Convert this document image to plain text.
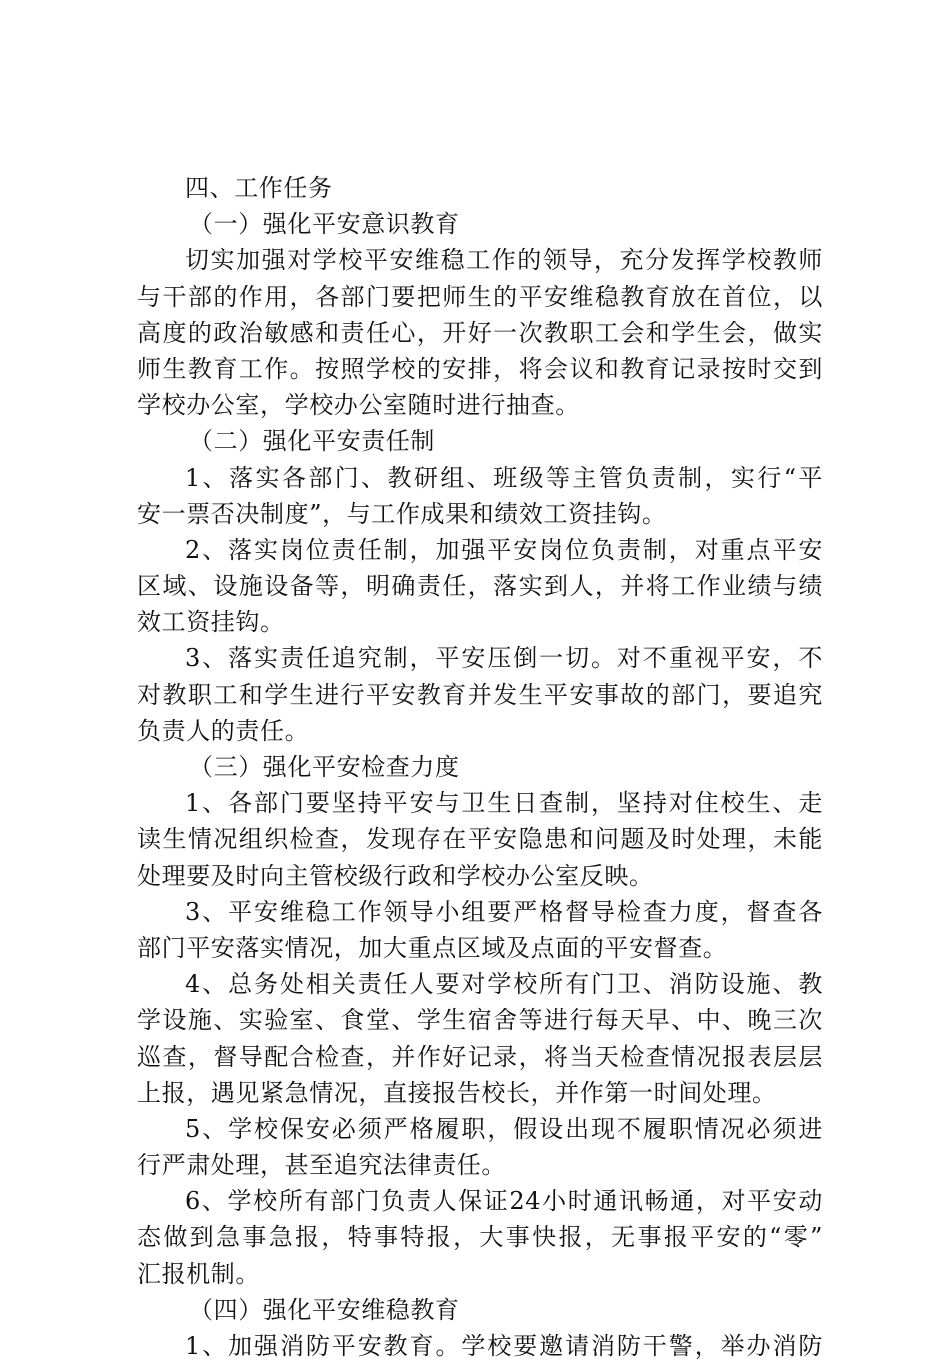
四、工作任务
（一）强化平安意识教育
切实加强对学校平安维稳工作的领导，充分发挥学校教师
与干部的作用，各部门要把师生的平安维稳教育放在首位，以
高度的政治敏感和责任心，开好一次教职工会和学生会，做实
师生教育工作。按照学校的安排，将会议和教育记录按时交到
学校办公室，学校办公室随时进行抽查。
（二）强化平安责任制
1、落实各部门、教研组、班级等主管负责制，实行“平
安一票否决制度”，与工作成果和绩效工资挂钩。
2、落实岗位责任制，加强平安岗位负责制，对重点平安
区域、设施设备等，明确责任，落实到人，并将工作业绩与绩
效工资挂钩。
3、落实责任追究制，平安压倒一切。对不重视平安，不
对教职工和学生进行平安教育并发生平安事故的部门，要追究
负责人的责任。
（三）强化平安检查力度
1、各部门要坚持平安与卫生日查制，坚持对住校生、走
读生情况组织检查，发现存在平安隐患和问题及时处理，未能
处理要及时向主管校级行政和学校办公室反映。
3、平安维稳工作领导小组要严格督导检查力度，督查各
部门平安落实情况，加大重点区域及点面的平安督查。
4、总务处相关责任人要对学校所有门卫、消防设施、教
学设施、实验室、食堂、学生宿舍等进行每天早、中、晚三次
巡查，督导配合检查，并作好记录，将当天检查情况报表层层
上报，遇见紧急情况，直接报告校长，并作第一时间处理。
5、学校保安必须严格履职，假设出现不履职情况必须进
行严肃处理，甚至追究法律责任。
6、学校所有部门负责人保证24小时通讯畅通，对平安动
态做到急事急报，特事特报，大事快报，无事报平安的“零”
汇报机制。
（四）强化平安维稳教育
1、加强消防平安教育。学校要邀请消防干警，举办消防
